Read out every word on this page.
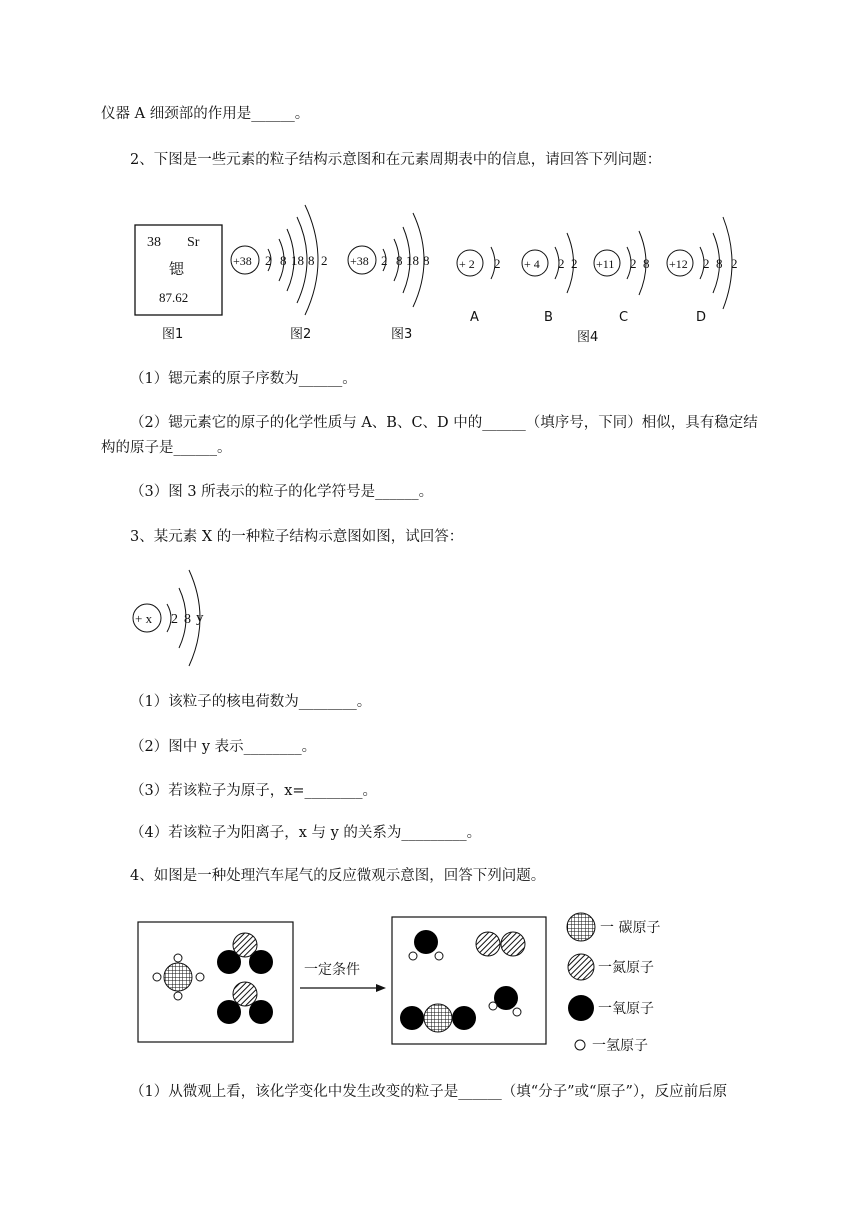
仪器 A 细颈部的作用是______。
2、下图是一些元素的粒子结构示意图和在元素周期表中的信息，请回答下列问题：
（1）锶元素的原子序数为______。
（2）锶元素它的原子的化学性质与 A、B、C、D 中的______（填序号，下同）相似，具有稳定结
构的原子是______。
（3）图 3 所表示的粒子的化学符号是______。
3、某元素 X 的一种粒子结构示意图如图，试回答：
（1）该粒子的核电荷数为________。
（2）图中 y 表示________。
（3）若该粒子为原子，x=________。
（4）若该粒子为阳离子，x 与 y 的关系为_________。
4、如图是一种处理汽车尾气的反应微观示意图，回答下列问题。
（1）从微观上看，该化学变化中发生改变的粒子是______（填“分子”或“原子”），反应前后原
38 Sr
锶
87.62
图1
+38 2 8 18 8 2
图2
+38 2 8 18 8
图3
+ 2 2
A
+ 4 2 2
B
+11 2 8
C
+12 2 8 2
D
图4
+ x 2 8 y
一定条件
一 碳原子
一氮原子
一氧原子
一氢原子
